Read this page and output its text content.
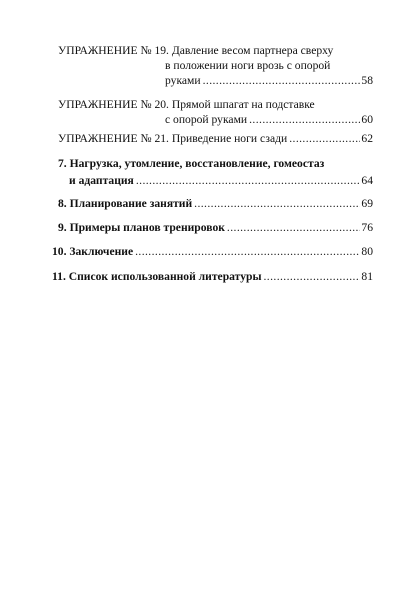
УПРАЖНЕНИЕ № 19. Давление весом партнера сверху
в положении ноги врозь с опорой
руками .....	58
УПРАЖНЕНИЕ № 20. Прямой шпагат на подставке
с опорой руками .....	60
УПРАЖНЕНИЕ № 21. Приведение ноги сзади .....	62
7. Нагрузка, утомление, восстановление, гомеостаз
и адаптация .....	64
8. Планирование занятий .....	69
9. Примеры планов тренировок .....	76
10. Заключение .....	80
11. Список использованной литературы .....	81
